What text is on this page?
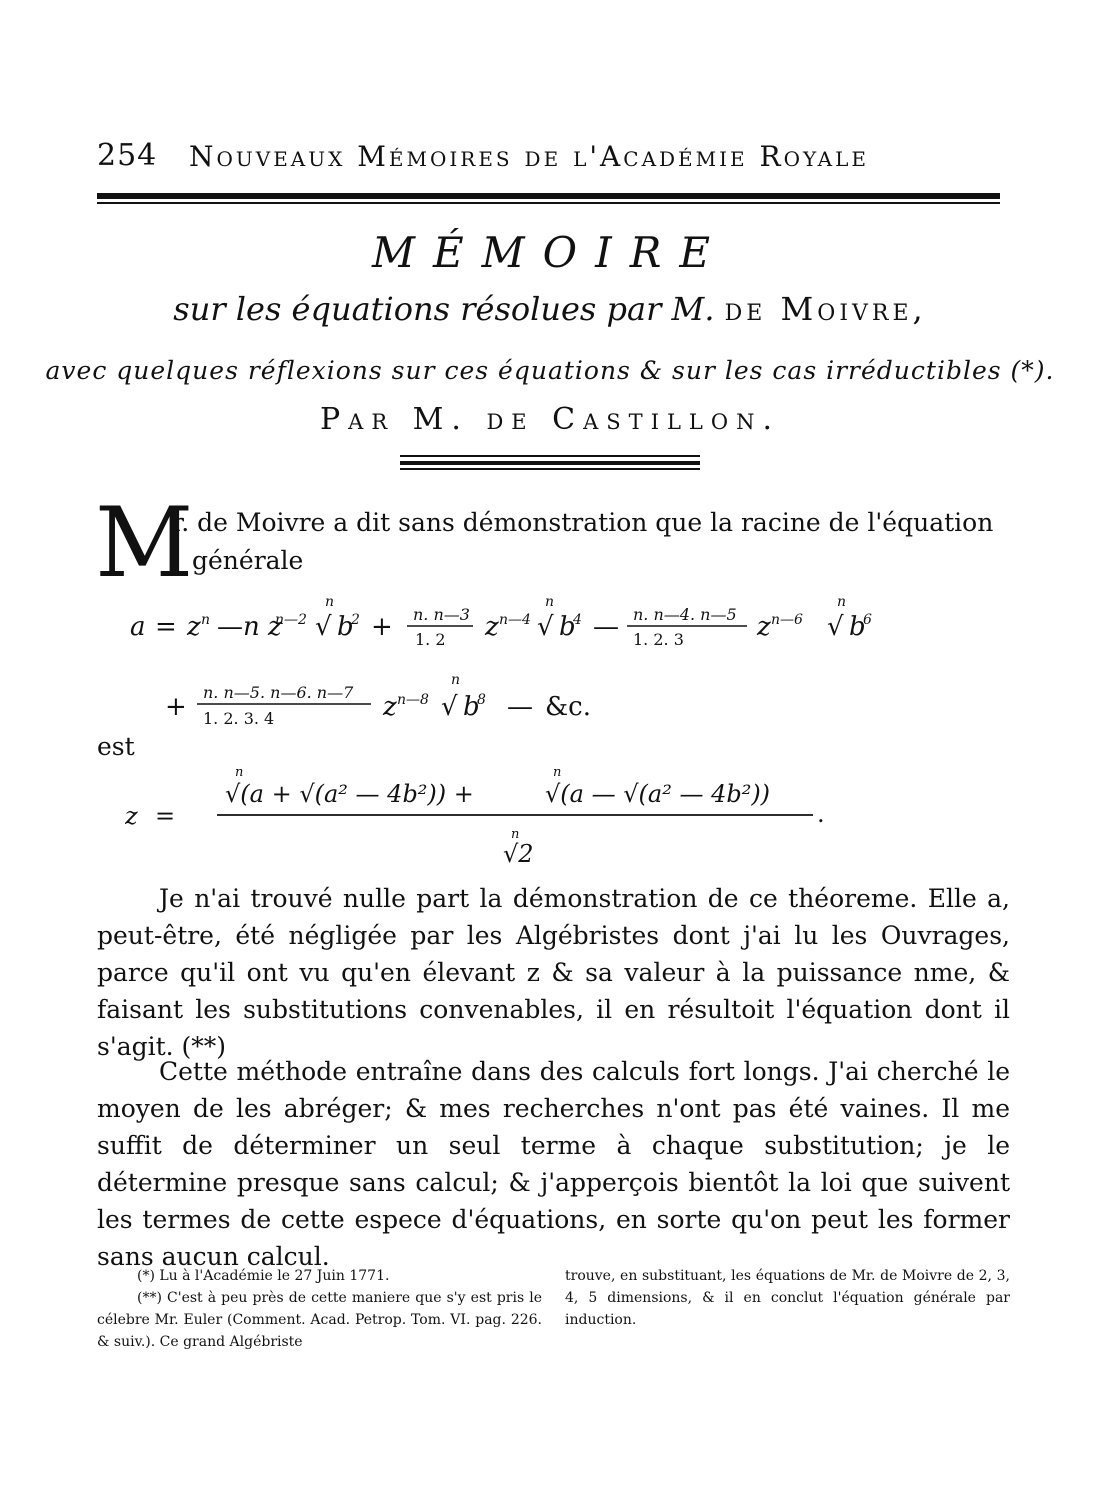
254 Nouveaux Mémoires de l'Académie Royale
MÉMOIRE
sur les équations résolues par M. de Moivre,
avec quelques réflexions sur ces équations & sur les cas irréductibles (*).
Par M. de Castillon.
M
r. de Moivre a dit sans démonstration que la racine de l'équation
générale
a = z n — n z
n—2
n
√ b
2 + n. n—3
1. 2 z n—4
n
√ b
4 — n. n—4. n—5
1. 2. 3	z n—6
n
√ b
6
+ n. n—5. n—6. n—7
1. 2. 3. 4	z n—8
n
√ b
8 — &c.
est
z =
n
√(a + √(a² — 4b²)) +
n
√(a — √(a² — 4b²))
.
n
√2
Je n'ai trouvé nulle part la démonstration de ce théoreme. Elle a, peut-être, été négligée par les Algébristes dont j'ai lu les Ouvrages, parce qu'il ont vu qu'en élevant z & sa valeur à la puissance nme, & faisant les substitutions convenables, il en résultoit l'équation dont il s'agit. (**)
Cette méthode entraîne dans des calculs fort longs. J'ai cherché le moyen de les abréger; & mes recherches n'ont pas été vaines. Il me suffit de déterminer un seul terme à chaque substitution; je le détermine presque sans calcul; & j'apperçois bientôt la loi que suivent les termes de cette espece d'équations, en sorte qu'on peut les former sans aucun calcul.

(*) Lu à l'Académie le 27 Juin 1771.

(**) C'est à peu près de cette maniere que s'y est pris le célebre Mr. Euler (Comment. Acad. Petrop. Tom. VI. pag. 226. & suiv.). Ce grand Algébriste

trouve, en substituant, les équations de Mr. de Moivre de 2, 3, 4, 5 dimensions, & il en conclut l'équation générale par induction.
